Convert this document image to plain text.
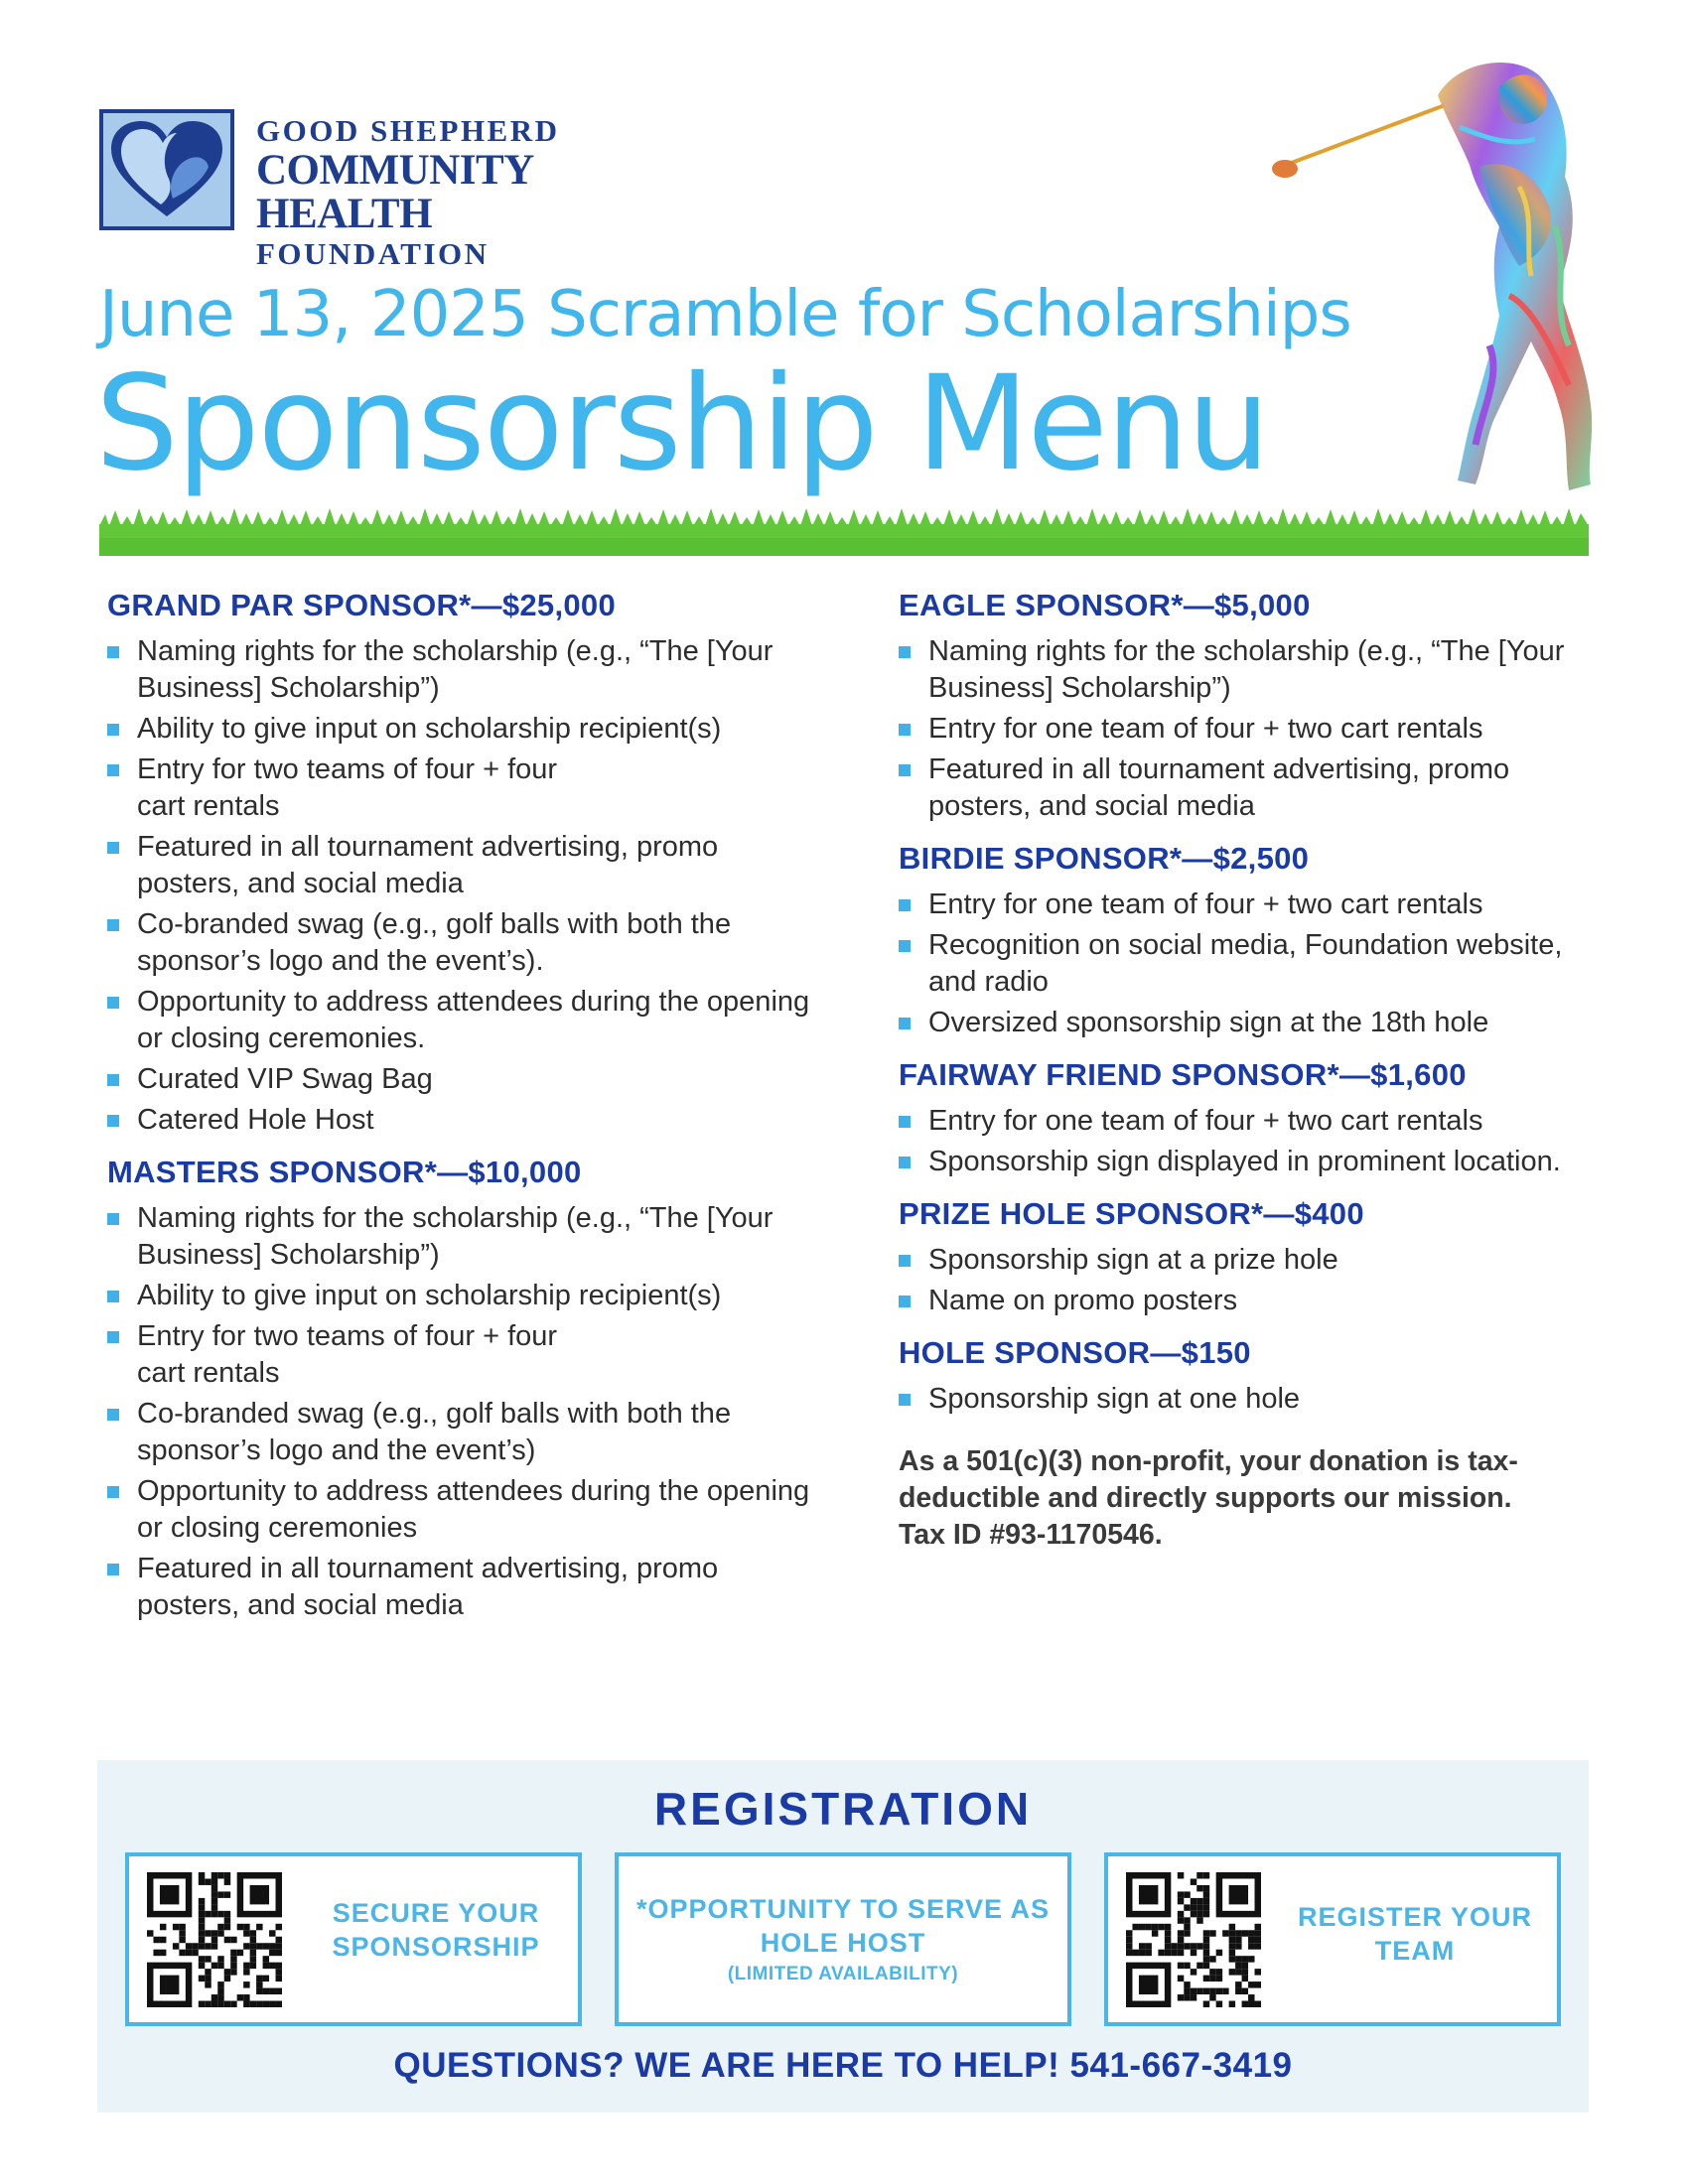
GOOD SHEPHERD
COMMUNITY HEALTH
FOUNDATION
June 13, 2025 Scramble for Scholarships
Sponsorship Menu
GRAND PAR SPONSOR*—$25,000
Naming rights for the scholarship (e.g., “The [Your Business] Scholarship”)
Ability to give input on scholarship recipient(s)
Entry for two teams of four + four cart rentals
Featured in all tournament advertising, promo posters, and social media
Co-branded swag (e.g., golf balls with both the sponsor’s logo and the event’s).
Opportunity to address attendees during the opening or closing ceremonies.
Curated VIP Swag Bag
Catered Hole Host
MASTERS SPONSOR*—$10,000
Naming rights for the scholarship (e.g., “The [Your Business] Scholarship”)
Ability to give input on scholarship recipient(s)
Entry for two teams of four + four cart rentals
Co-branded swag (e.g., golf balls with both the sponsor’s logo and the event’s)
Opportunity to address attendees during the opening or closing ceremonies
Featured in all tournament advertising, promo posters, and social media
EAGLE SPONSOR*—$5,000
Naming rights for the scholarship (e.g., “The [Your Business] Scholarship”)
Entry for one team of four + two cart rentals
Featured in all tournament advertising, promo posters, and social media
BIRDIE SPONSOR*—$2,500
Entry for one team of four + two cart rentals
Recognition on social media, Foundation website, and radio
Oversized sponsorship sign at the 18th hole
FAIRWAY FRIEND SPONSOR*—$1,600
Entry for one team of four + two cart rentals
Sponsorship sign displayed in prominent location.
PRIZE HOLE SPONSOR*—$400
Sponsorship sign at a prize hole
Name on promo posters
HOLE SPONSOR—$150
Sponsorship sign at one hole
As a 501(c)(3) non-profit, your donation is tax-deductible and directly supports our mission. Tax ID #93-1170546.
REGISTRATION
SECURE YOUR SPONSORSHIP
*OPPORTUNITY TO SERVE AS HOLE HOST
(LIMITED AVAILABILITY)
REGISTER YOUR TEAM
QUESTIONS? WE ARE HERE TO HELP! 541-667-3419
